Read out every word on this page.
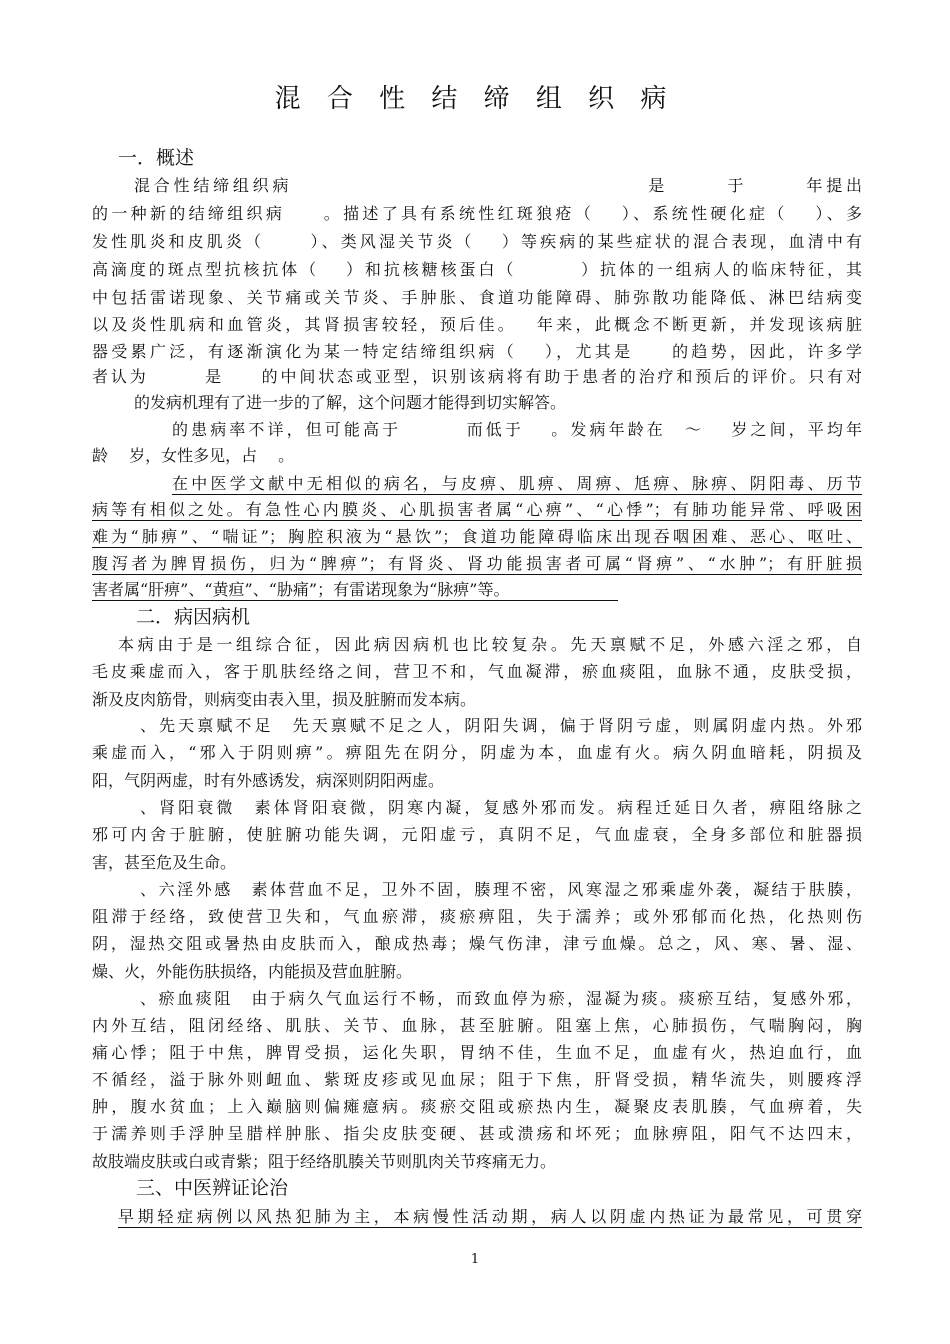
混 合 性 结 缔 组 织 病
一．概述
混合性结缔组织病　　　　　　　　　　　　　　　　　　是　　　于　　　年提出
的一种新的结缔组织病　　。描述了具有系统性红斑狼疮（　 ）、系统性硬化症（　 ）、多
发性肌炎和皮肌炎（　　 ）、类风湿关节炎（　 ）等疾病的某些症状的混合表现，血清中有
高滴度的斑点型抗核抗体（　 ）和抗核糖核蛋白（　　　 ）抗体的一组病人的临床特征，其
中包括雷诺现象、关节痛或关节炎、手肿胀、食道功能障碍、肺弥散功能降低、淋巴结病变
以及炎性肌病和血管炎，其肾损害较轻，预后佳。　 年来，此概念不断更新，并发现该病脏
器受累广泛，有逐渐演化为某一特定结缔组织病（　 ），尤其是　　的趋势，因此，许多学
者认为　　　是　　的中间状态或亚型，识别该病将有助于患者的治疗和预后的评价。只有对
的发病机理有了进一步的了解，这个问题才能得到切实解答。
的患病率不详，但可能高于　　　 而低于　 。发病年龄在　～　 岁之间，平均年
龄　 岁，女性多见，占　 。
在中医学文献中无相似的病名，与皮痹、肌痹、周痹、尪痹、脉痹、阴阳毒、历节
病等有相似之处。有急性心内膜炎、心肌损害者属“心痹”、“心悸”；有肺功能异常、呼吸困
难为“肺痹”、“喘证”；胸腔积液为“悬饮”；食道功能障碍临床出现吞咽困难、恶心、呕吐、
腹泻者为脾胃损伤，归为“脾痹”；有肾炎、肾功能损害者可属“肾痹”、“水肿”；有肝脏损
害者属“肝痹”、“黄疸”、“胁痛”；有雷诺现象为“脉痹”等。
二．病因病机
本病由于是一组综合征，因此病因病机也比较复杂。先天禀赋不足，外感六淫之邪，自
毛皮乘虚而入，客于肌肤经络之间，营卫不和，气血凝滞，瘀血痰阻，血脉不通，皮肤受损，
渐及皮肉筋骨，则病变由表入里，损及脏腑而发本病。
、先天禀赋不足　先天禀赋不足之人，阴阳失调，偏于肾阴亏虚，则属阴虚内热。外邪
乘虚而入，“邪入于阴则痹”。痹阻先在阴分，阴虚为本，血虚有火。病久阴血暗耗，阴损及
阳，气阴两虚，时有外感诱发，病深则阴阳两虚。
、肾阳衰微　素体肾阳衰微，阴寒内凝，复感外邪而发。病程迁延日久者，痹阻络脉之
邪可内舍于脏腑，使脏腑功能失调，元阳虚亏，真阴不足，气血虚衰，全身多部位和脏器损
害，甚至危及生命。
、六淫外感　素体营血不足，卫外不固，腠理不密，风寒湿之邪乘虚外袭，凝结于肤腠，
阻滞于经络，致使营卫失和，气血瘀滞，痰瘀痹阻，失于濡养；或外邪郁而化热，化热则伤
阴，湿热交阻或暑热由皮肤而入，酿成热毒；燥气伤津，津亏血燥。总之，风、寒、暑、湿、
燥、火，外能伤肤损络，内能损及营血脏腑。
、瘀血痰阻　由于病久气血运行不畅，而致血停为瘀，湿凝为痰。痰瘀互结，复感外邪，
内外互结，阻闭经络、肌肤、关节、血脉，甚至脏腑。阻塞上焦，心肺损伤，气喘胸闷，胸
痛心悸；阻于中焦，脾胃受损，运化失职，胃纳不佳，生血不足，血虚有火，热迫血行，血
不循经，溢于脉外则衄血、紫斑皮疹或见血尿；阻于下焦，肝肾受损，精华流失，则腰疼浮
肿，腹水贫血；上入巅脑则偏瘫癔病。痰瘀交阻或瘀热内生，凝聚皮表肌腠，气血痹着，失
于濡养则手浮肿呈腊样肿胀、指尖皮肤变硬、甚或溃疡和坏死；血脉痹阻，阳气不达四末，
故肢端皮肤或白或青紫；阻于经络肌腠关节则肌肉关节疼痛无力。
三、中医辨证论治
早期轻症病例以风热犯肺为主，本病慢性活动期，病人以阴虚内热证为最常见，可贯穿
1
